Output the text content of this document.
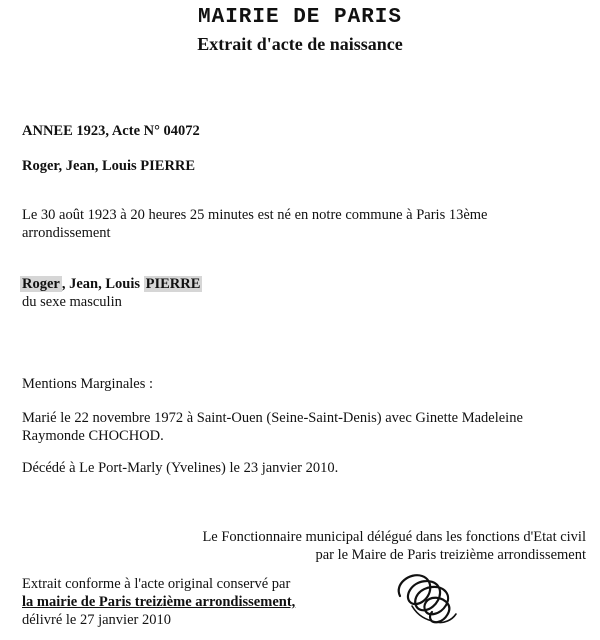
MAIRIE DE PARIS
Extrait d'acte de naissance
ANNEE 1923, Acte N° 04072
Roger, Jean, Louis PIERRE
Le 30 août 1923 à 20 heures 25 minutes est né en notre commune à Paris 13ème
arrondissement
Roger , Jean, Louis PIERRE
du sexe masculin
Mentions Marginales :
Marié le 22 novembre 1972 à Saint-Ouen (Seine-Saint-Denis) avec Ginette Madeleine
Raymonde CHOCHOD.
Décédé à Le Port-Marly (Yvelines) le 23 janvier 2010.
Le Fonctionnaire municipal délégué dans les fonctions d'Etat civil
par le Maire de Paris treizième arrondissement
Extrait conforme à l'acte original conservé par
la mairie de Paris treizième arrondissement,
délivré le 27 janvier 2010
